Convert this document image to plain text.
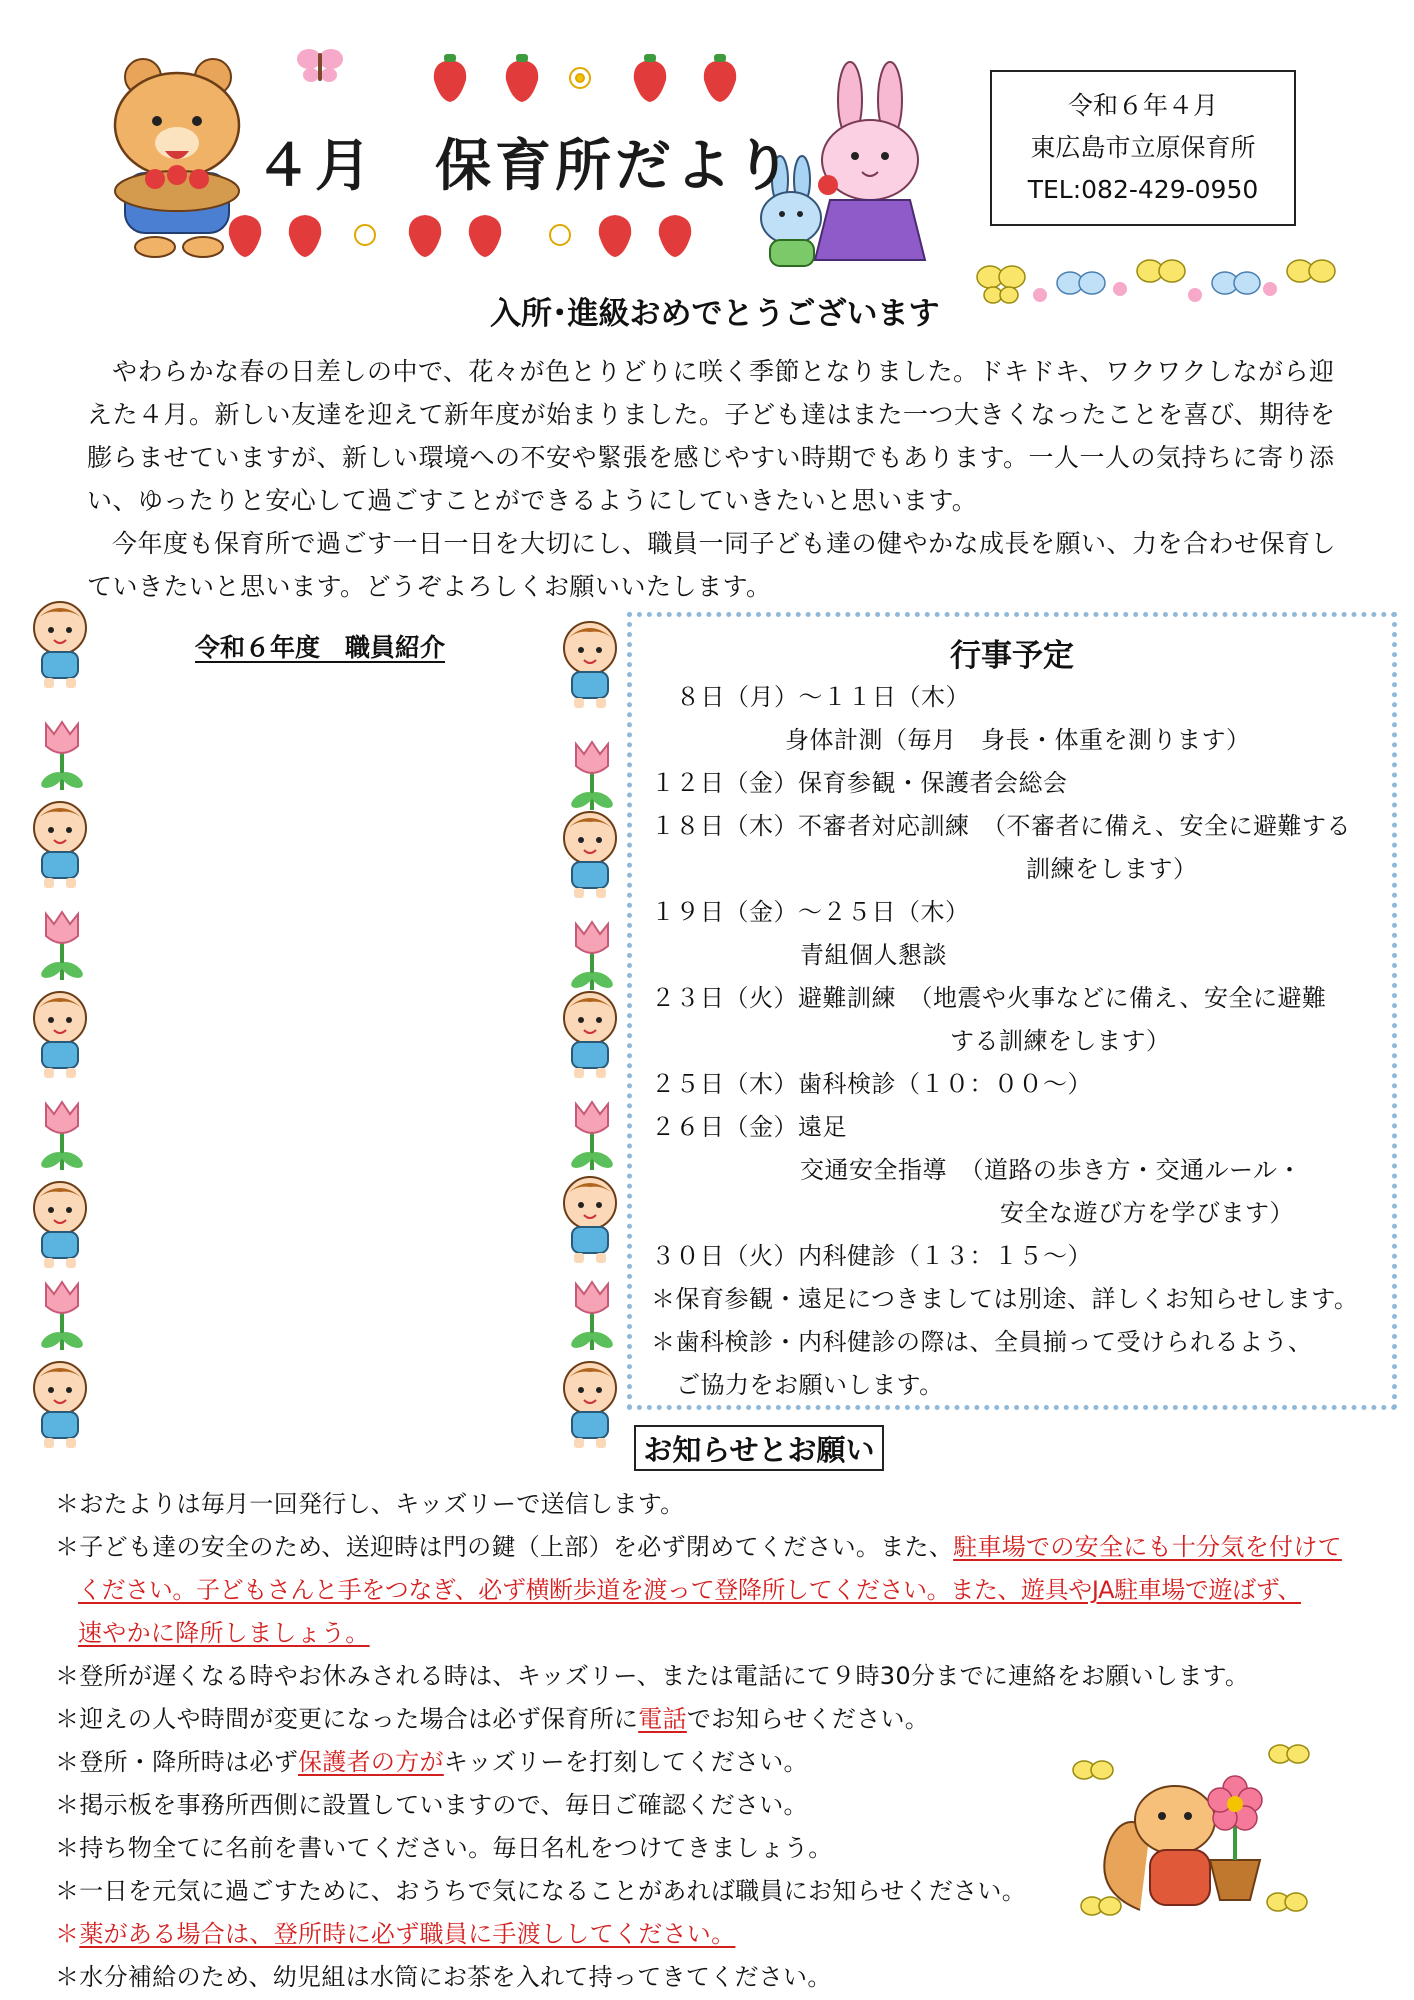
４月　保育所だより
令和６年４月
東広島市立原保育所
TEL:082-429-0950
入所･進級おめでとうございます

やわらかな春の日差しの中で、花々が色とりどりに咲く季節となりました。ドキドキ、ワクワクしながら迎えた４月。新しい友達を迎えて新年度が始まりました。子ども達はまた一つ大きくなったことを喜び、期待を膨らませていますが、新しい環境への不安や緊張を感じやすい時期でもあります。一人一人の気持ちに寄り添い、ゆったりと安心して過ごすことができるようにしていきたいと思います。

今年度も保育所で過ごす一日一日を大切にし、職員一同子ども達の健やかな成長を願い、力を合わせ保育していきたいと思います。どうぞよろしくお願いいたします。

令和６年度　職員紹介	行事予定
８日（月）～１１日（木）
身体計測（毎月　身長・体重を測ります）
１２日（金）保育参観・保護者会総会
１８日（木）不審者対応訓練　（不審者に備え、安全に避難する
訓練をします）
１９日（金）～２５日（木）
青組個人懇談
２３日（火）避難訓練　（地震や火事などに備え、安全に避難
する訓練をします）
２５日（木）歯科検診（１０：００～）
２６日（金）遠足
交通安全指導　（道路の歩き方・交通ルール・
安全な遊び方を学びます）
３０日（火）内科健診（１３：１５～）
＊保育参観・遠足につきましては別途、詳しくお知らせします。
＊歯科検診・内科健診の際は、全員揃って受けられるよう、
ご協力をお願いします。
お知らせとお願い
＊おたよりは毎月一回発行し、キッズリーで送信します。
＊子ども達の安全のため、送迎時は門の鍵（上部）を必ず閉めてください。また、駐車場での安全にも十分気を付けて
ください。子どもさんと手をつなぎ、必ず横断歩道を渡って登降所してください。また、遊具やJA駐車場で遊ばず、
速やかに降所しましょう。
＊登所が遅くなる時やお休みされる時は、キッズリー、または電話にて９時30分までに連絡をお願いします。
＊迎えの人や時間が変更になった場合は必ず保育所に電話でお知らせください。
＊登所・降所時は必ず保護者の方がキッズリーを打刻してください。
＊掲示板を事務所西側に設置していますので、毎日ご確認ください。
＊持ち物全てに名前を書いてください。毎日名札をつけてきましょう。
＊一日を元気に過ごすために、おうちで気になることがあれば職員にお知らせください。
＊薬がある場合は、登所時に必ず職員に手渡ししてください。
＊水分補給のため、幼児組は水筒にお茶を入れて持ってきてください。
